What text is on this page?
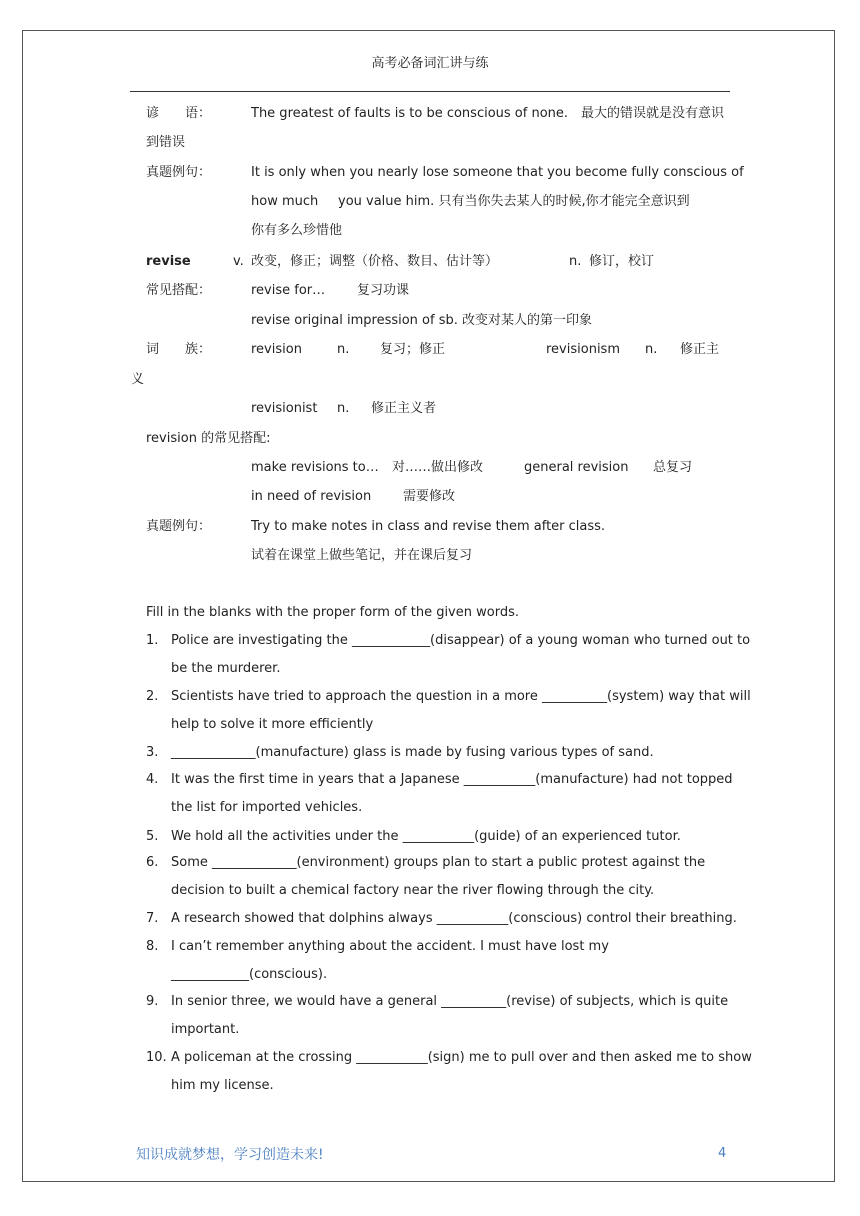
高考必备词汇讲与练
谚　　语：	The greatest of faults is to be conscious of none.　最大的错误就是没有意识
到错误
真题例句：	It is only when you nearly lose someone that you become fully conscious of
how much you value him. 只有当你失去某人的时候,你才能完全意识到
你有多么珍惜他
revise	v. 改变，修正；调整（价格、数目、估计等）	n. 修订，校订
常见搭配：	revise for… 复习功课
revise original impression of sb. 改变对某人的第一印象
词　　族：	revision	n. 复习；修正	revisionism n. 修正主
义
revisionist n. 修正主义者
revision 的常见搭配:
make revisions to… 对……做出修改	general revision 总复习
in need of revision 需要修改
真题例句：	Try to make notes in class and revise them after class.
试着在课堂上做些笔记，并在课后复习
Fill in the blanks with the proper form of the given words.
1. Police are investigating the ____________(disappear) of a young woman who turned out to
be the murderer.
2. Scientists have tried to approach the question in a more __________(system) way that will
help to solve it more efficiently
3. _____________(manufacture) glass is made by fusing various types of sand.
4. It was the first time in years that a Japanese ___________(manufacture) had not topped
the list for imported vehicles.
5. We hold all the activities under the ___________(guide) of an experienced tutor.
6. Some _____________(environment) groups plan to start a public protest against the
decision to built a chemical factory near the river flowing through the city.
7. A research showed that dolphins always ___________(conscious) control their breathing.
8. I can’t remember anything about the accident. I must have lost my
____________(conscious).
9. In senior three, we would have a general __________(revise) of subjects, which is quite
important.
10. A policeman at the crossing ___________(sign) me to pull over and then asked me to show
him my license.
知识成就梦想，学习创造未来!	4
